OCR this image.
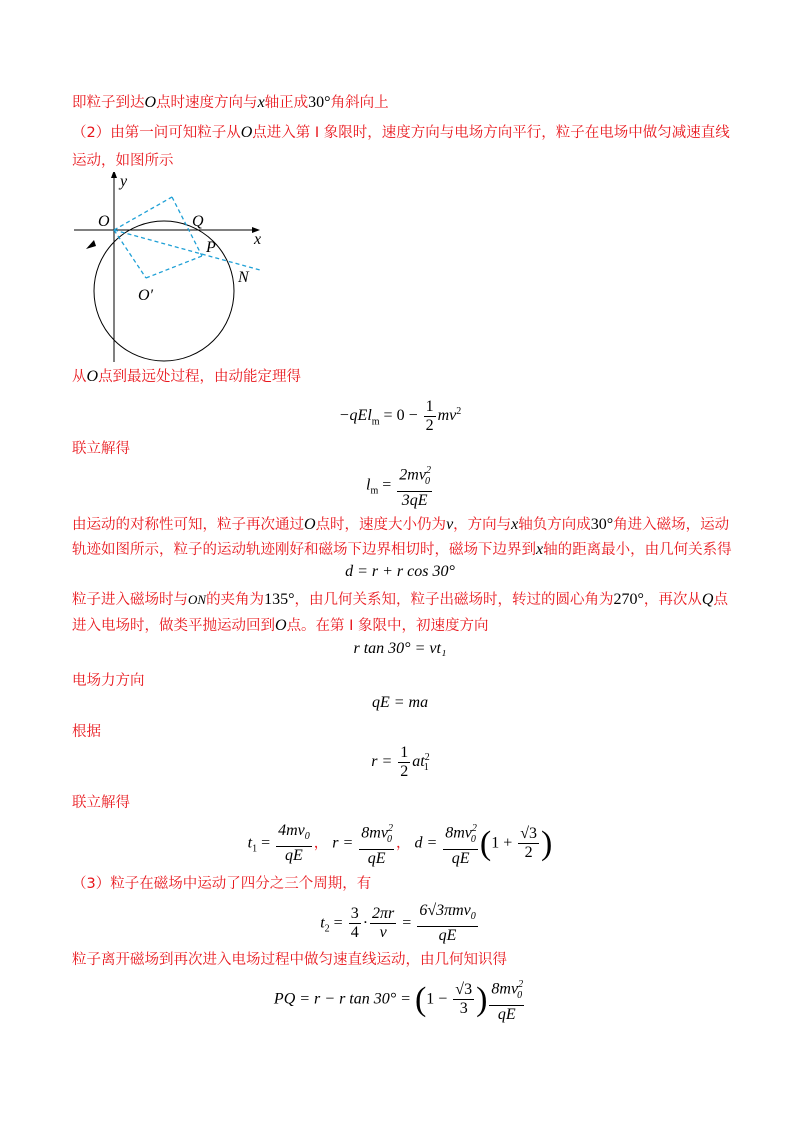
即粒子到达O点时速度方向与x轴正成30°角斜向上
（2）由第一问可知粒子从O点进入第 I 象限时，速度方向与电场方向平行，粒子在电场中做匀减速直线
运动，如图所示
y
x
O	Q
P
N
O′
从O点到最远处过程，由动能定理得
$-qEl_m = 0 - \frac{1}{2} mv^2$
联立解得
$l_m = \frac{2mv^2_0}{3qE}$
由运动的对称性可知，粒子再次通过O点时，速度大小仍为v，方向与x轴负方向成30°角进入磁场，运动
轨迹如图所示，粒子的运动轨迹刚好和磁场下边界相切时，磁场下边界到x轴的距离最小，由几何关系得
d = r + r cos 30°
粒子进入磁场时与ON的夹角为135°，由几何关系知，粒子出磁场时，转过的圆心角为270°，再次从Q点
进入电场时，做类平抛运动回到O点。在第 I 象限中，初速度方向
r tan 30° = vt₁
电场力方向
qE = ma
根据
$r = \frac{1}{2} at^2_1$
联立解得
$t_1 = \frac{4mv_0}{qE}$ ， $r = \frac{8mv^2_0}{qE}$ ， $d = \frac{8mv^2_0}{qE} (1 + \frac{√3}{2}$ )
（3）粒子在磁场中运动了四分之三个周期，有
$t_2 = \frac{3}{4} \cdot \frac{2\pi r}{v} = \frac{6√3\pi mv_0}{qE}$
粒子离开磁场到再次进入电场过程中做匀速直线运动，由几何知识得
PQ = r − r $\tan 30^\circ = (1 - \frac{√3}{3}$ ) $\frac{8mv^2_0}{qE}$
